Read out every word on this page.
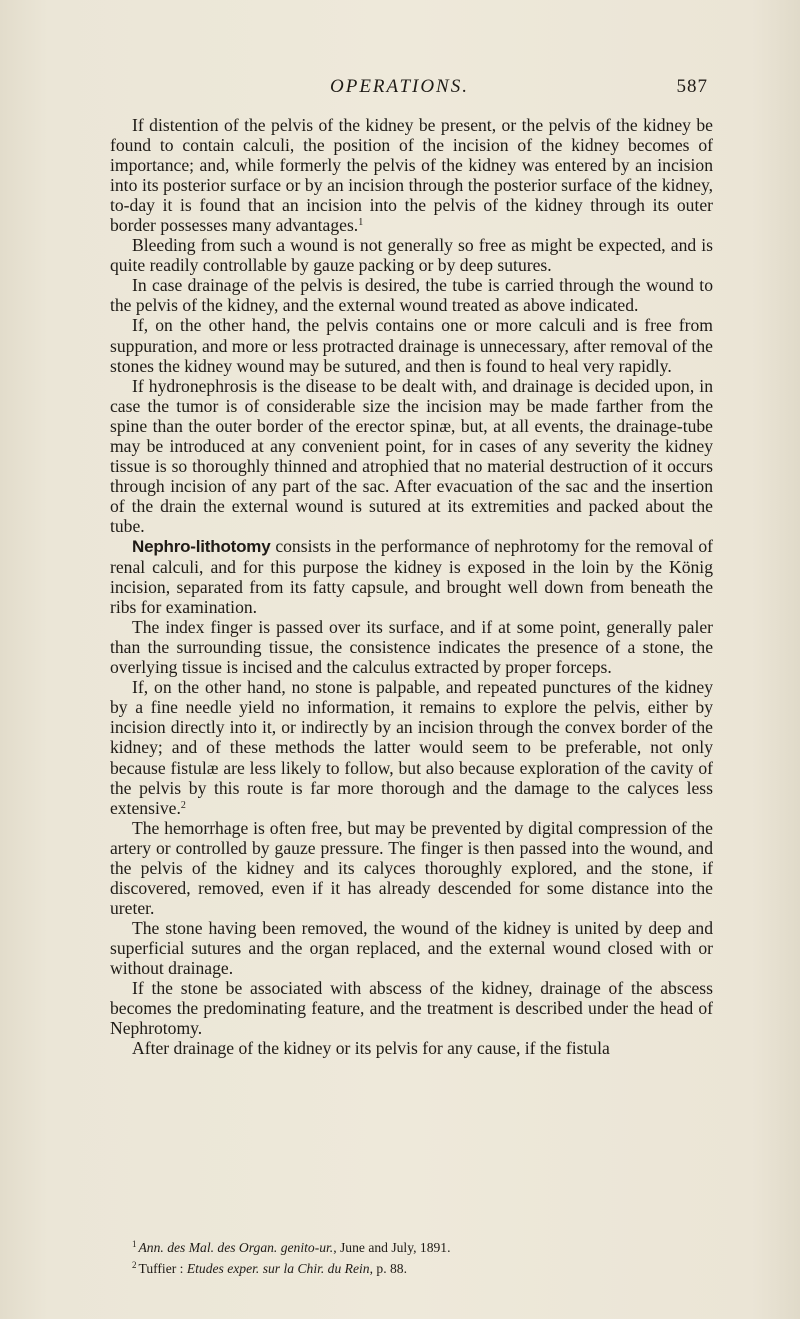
OPERATIONS.	587

If distention of the pelvis of the kidney be present, or the pelvis of the kidney be found to contain calculi, the position of the incision of the kidney becomes of importance; and, while formerly the pelvis of the kidney was entered by an incision into its posterior surface or by an incision through the posterior surface of the kidney, to-day it is found that an incision into the pelvis of the kidney through its outer border possesses many advantages.$^1$

Bleeding from such a wound is not generally so free as might be expected, and is quite readily controllable by gauze packing or by deep sutures.

In case drainage of the pelvis is desired, the tube is carried through the wound to the pelvis of the kidney, and the external wound treated as above indicated.

If, on the other hand, the pelvis contains one or more calculi and is free from suppuration, and more or less protracted drainage is unnecessary, after removal of the stones the kidney wound may be sutured, and then is found to heal very rapidly.

If hydronephrosis is the disease to be dealt with, and drainage is decided upon, in case the tumor is of considerable size the incision may be made farther from the spine than the outer border of the erector spinæ, but, at all events, the drainage-tube may be introduced at any convenient point, for in cases of any severity the kidney tissue is so thoroughly thinned and atrophied that no material destruction of it occurs through incision of any part of the sac. After evacuation of the sac and the insertion of the drain the external wound is sutured at its extremities and packed about the tube.

Nephro-lithotomy consists in the performance of nephrotomy for the removal of renal calculi, and for this purpose the kidney is exposed in the loin by the König incision, separated from its fatty capsule, and brought well down from beneath the ribs for examination.

The index finger is passed over its surface, and if at some point, generally paler than the surrounding tissue, the consistence indicates the presence of a stone, the overlying tissue is incised and the calculus extracted by proper forceps.

If, on the other hand, no stone is palpable, and repeated punctures of the kidney by a fine needle yield no information, it remains to explore the pelvis, either by incision directly into it, or indirectly by an incision through the convex border of the kidney; and of these methods the latter would seem to be preferable, not only because fistulæ are less likely to follow, but also because exploration of the cavity of the pelvis by this route is far more thorough and the damage to the calyces less extensive.$^2$

The hemorrhage is often free, but may be prevented by digital compression of the artery or controlled by gauze pressure. The finger is then passed into the wound, and the pelvis of the kidney and its calyces thoroughly explored, and the stone, if discovered, removed, even if it has already descended for some distance into the ureter.

The stone having been removed, the wound of the kidney is united by deep and superficial sutures and the organ replaced, and the external wound closed with or without drainage.

If the stone be associated with abscess of the kidney, drainage of the abscess becomes the predominating feature, and the treatment is described under the head of Nephrotomy.

After drainage of the kidney or its pelvis for any cause, if the fistula

$^1$ Ann. des Mal. des Organ. genito-ur., June and July, 1891.

$^2$ Tuffier : Etudes exper. sur la Chir. du Rein, p. 88.
